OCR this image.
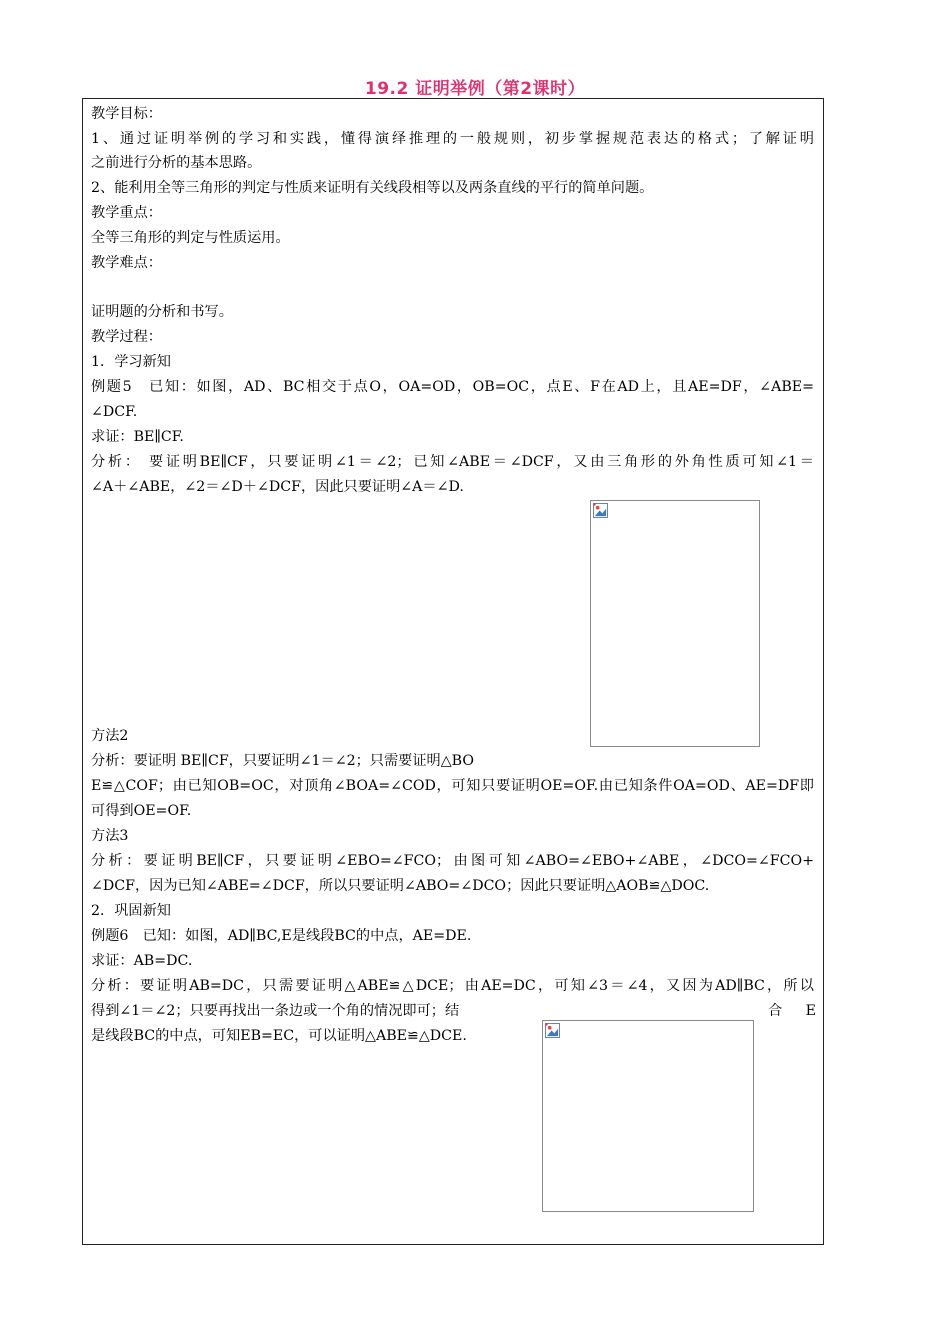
19.2 证明举例（第2课时）
教学目标：
1、通过证明举例的学习和实践，懂得演绎推理的一般规则，初步掌握规范表达的格式；了解证明
之前进行分析的基本思路。
2、能利用全等三角形的判定与性质来证明有关线段相等以及两条直线的平行的简单问题。
教学重点：
全等三角形的判定与性质运用。
教学难点：
证明题的分析和书写。
教学过程：
1．学习新知
例题5　已知：如图，AD、BC相交于点O，OA=OD，OB=OC，点E、F在AD上，且AE=DF，∠ABE=
∠DCF.
求证：BE∥CF.
分析： 要证明BE∥CF，只要证明∠1＝∠2；已知∠ABE＝∠DCF，又由三角形的外角性质可知∠1＝
∠A＋∠ABE，∠2＝∠D＋∠DCF，因此只要证明∠A＝∠D.
方法2
分析：要证明 BE∥CF，只要证明∠1＝∠2；只需要证明△BO
E≌△COF；由已知OB=OC，对顶角∠BOA=∠COD，可知只要证明OE=OF.由已知条件OA=OD、AE=DF即
可得到OE=OF.
方法3
分析：要证明BE∥CF，只要证明∠EBO=∠FCO；由图可知∠ABO=∠EBO+∠ABE，∠DCO=∠FCO+
∠DCF，因为已知∠ABE=∠DCF，所以只要证明∠ABO=∠DCO；因此只要证明△AOB≌△DOC.
2．巩固新知
例题6　已知：如图，AD∥BC,E是线段BC的中点，AE=DE.
求证：AB=DC.
分析：要证明AB=DC，只需要证明△ABE≌△DCE；由AE=DC，可知∠3＝∠4，又因为AD∥BC，所以
得到∠1＝∠2；只要再找出一条边或一个角的情况即可；结	合　E
是线段BC的中点，可知EB=EC，可以证明△ABE≌△DCE.
